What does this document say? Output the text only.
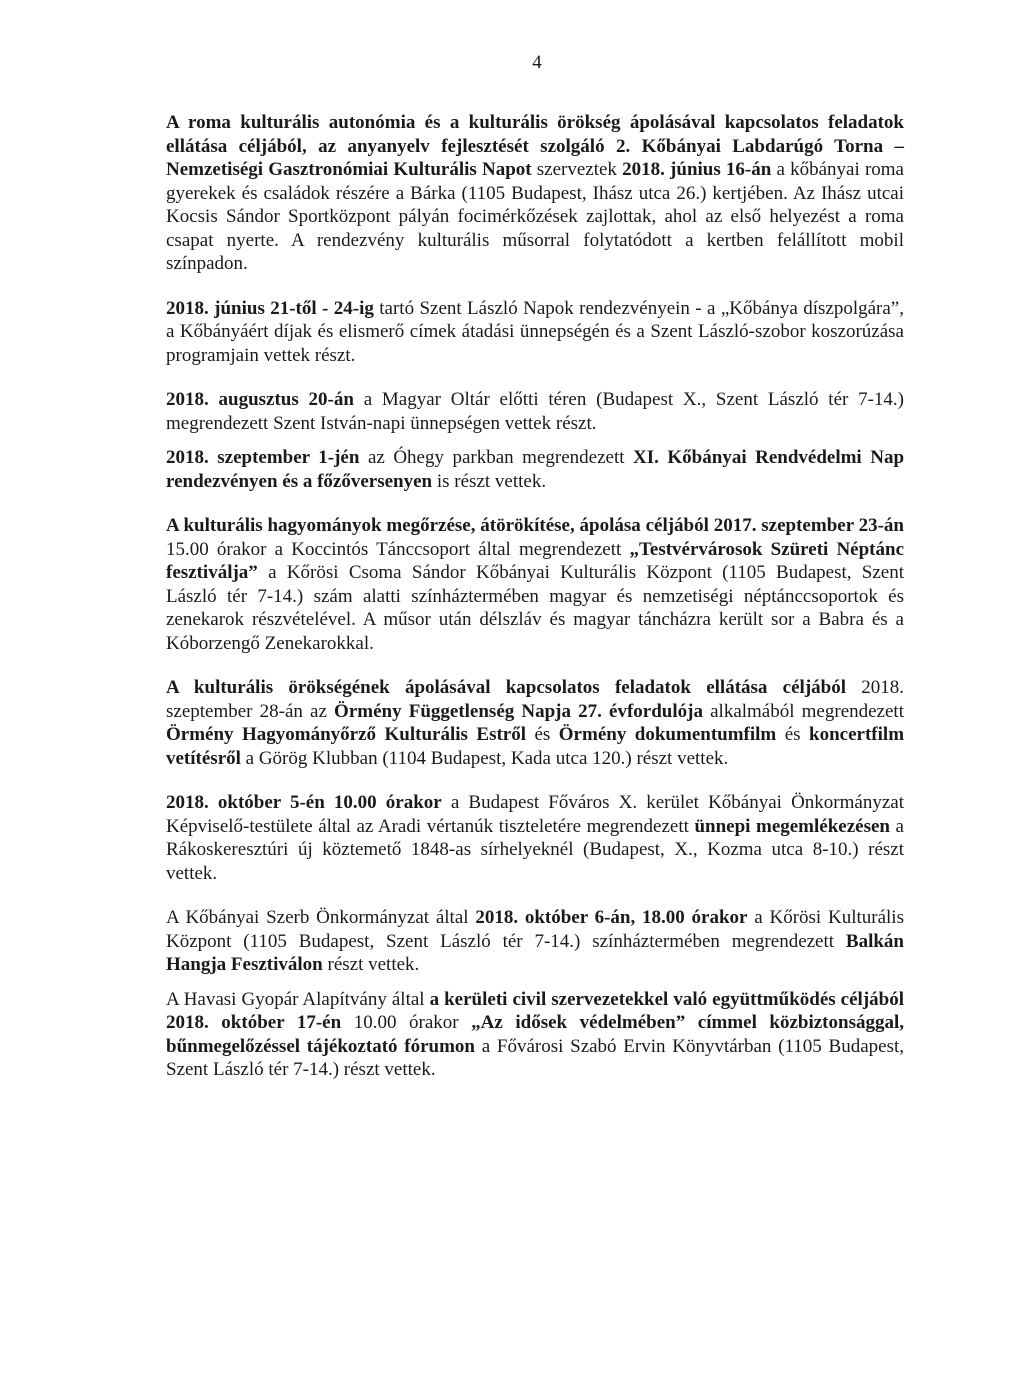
4

A roma kulturális autonómia és a kulturális örökség ápolásával kapcsolatos feladatok ellátása céljából, az anyanyelv fejlesztését szolgáló 2. Kőbányai Labdarúgó Torna – Nemzetiségi Gasztronómiai Kulturális Napot szerveztek 2018. június 16-án a kőbányai roma gyerekek és családok részére a Bárka (1105 Budapest, Ihász utca 26.) kertjében. Az Ihász utcai Kocsis Sándor Sportközpont pályán focimérkőzések zajlottak, ahol az első helyezést a roma csapat nyerte. A rendezvény kulturális műsorral folytatódott a kertben felállított mobil színpadon.

2018. június 21-től - 24-ig tartó Szent László Napok rendezvényein - a „Kőbánya díszpolgára”, a Kőbányáért díjak és elismerő címek átadási ünnepségén és a Szent László-szobor koszorúzása programjain vettek részt.

2018. augusztus 20-án a Magyar Oltár előtti téren (Budapest X., Szent László tér 7-14.) megrendezett Szent István-napi ünnepségen vettek részt.

2018. szeptember 1-jén az Óhegy parkban megrendezett XI. Kőbányai Rendvédelmi Nap rendezvényen és a főzőversenyen is részt vettek.

A kulturális hagyományok megőrzése, átörökítése, ápolása céljából 2017. szeptember 23-án 15.00 órakor a Koccintós Tánccsoport által megrendezett „Testvérvárosok Szüreti Néptánc fesztiválja” a Kőrösi Csoma Sándor Kőbányai Kulturális Központ (1105 Budapest, Szent László tér 7-14.) szám alatti színháztermében magyar és nemzetiségi néptánccsoportok és zenekarok részvételével. A műsor után délszláv és magyar táncházra került sor a Babra és a Kóborzengő Zenekarokkal.

A kulturális örökségének ápolásával kapcsolatos feladatok ellátása céljából 2018. szeptember 28-án az Örmény Függetlenség Napja 27. évfordulója alkalmából megrendezett Örmény Hagyományőrző Kulturális Estről és Örmény dokumentumfilm és koncertfilm vetítésről a Görög Klubban (1104 Budapest, Kada utca 120.) részt vettek.

2018. október 5-én 10.00 órakor a Budapest Főváros X. kerület Kőbányai Önkormányzat Képviselő-testülete által az Aradi vértanúk tiszteletére megrendezett ünnepi megemlékezésen a Rákoskeresztúri új köztemető 1848-as sírhelyeknél (Budapest, X., Kozma utca 8-10.) részt vettek.

A Kőbányai Szerb Önkormányzat által 2018. október 6-án, 18.00 órakor a Kőrösi Kulturális Központ (1105 Budapest, Szent László tér 7-14.) színháztermében megrendezett Balkán Hangja Fesztiválon részt vettek.

A Havasi Gyopár Alapítvány által a kerületi civil szervezetekkel való együttműködés céljából 2018. október 17-én 10.00 órakor „Az idősek védelmében” címmel közbiztonsággal, bűnmegelőzéssel tájékoztató fórumon a Fővárosi Szabó Ervin Könyvtárban (1105 Budapest, Szent László tér 7-14.) részt vettek.
